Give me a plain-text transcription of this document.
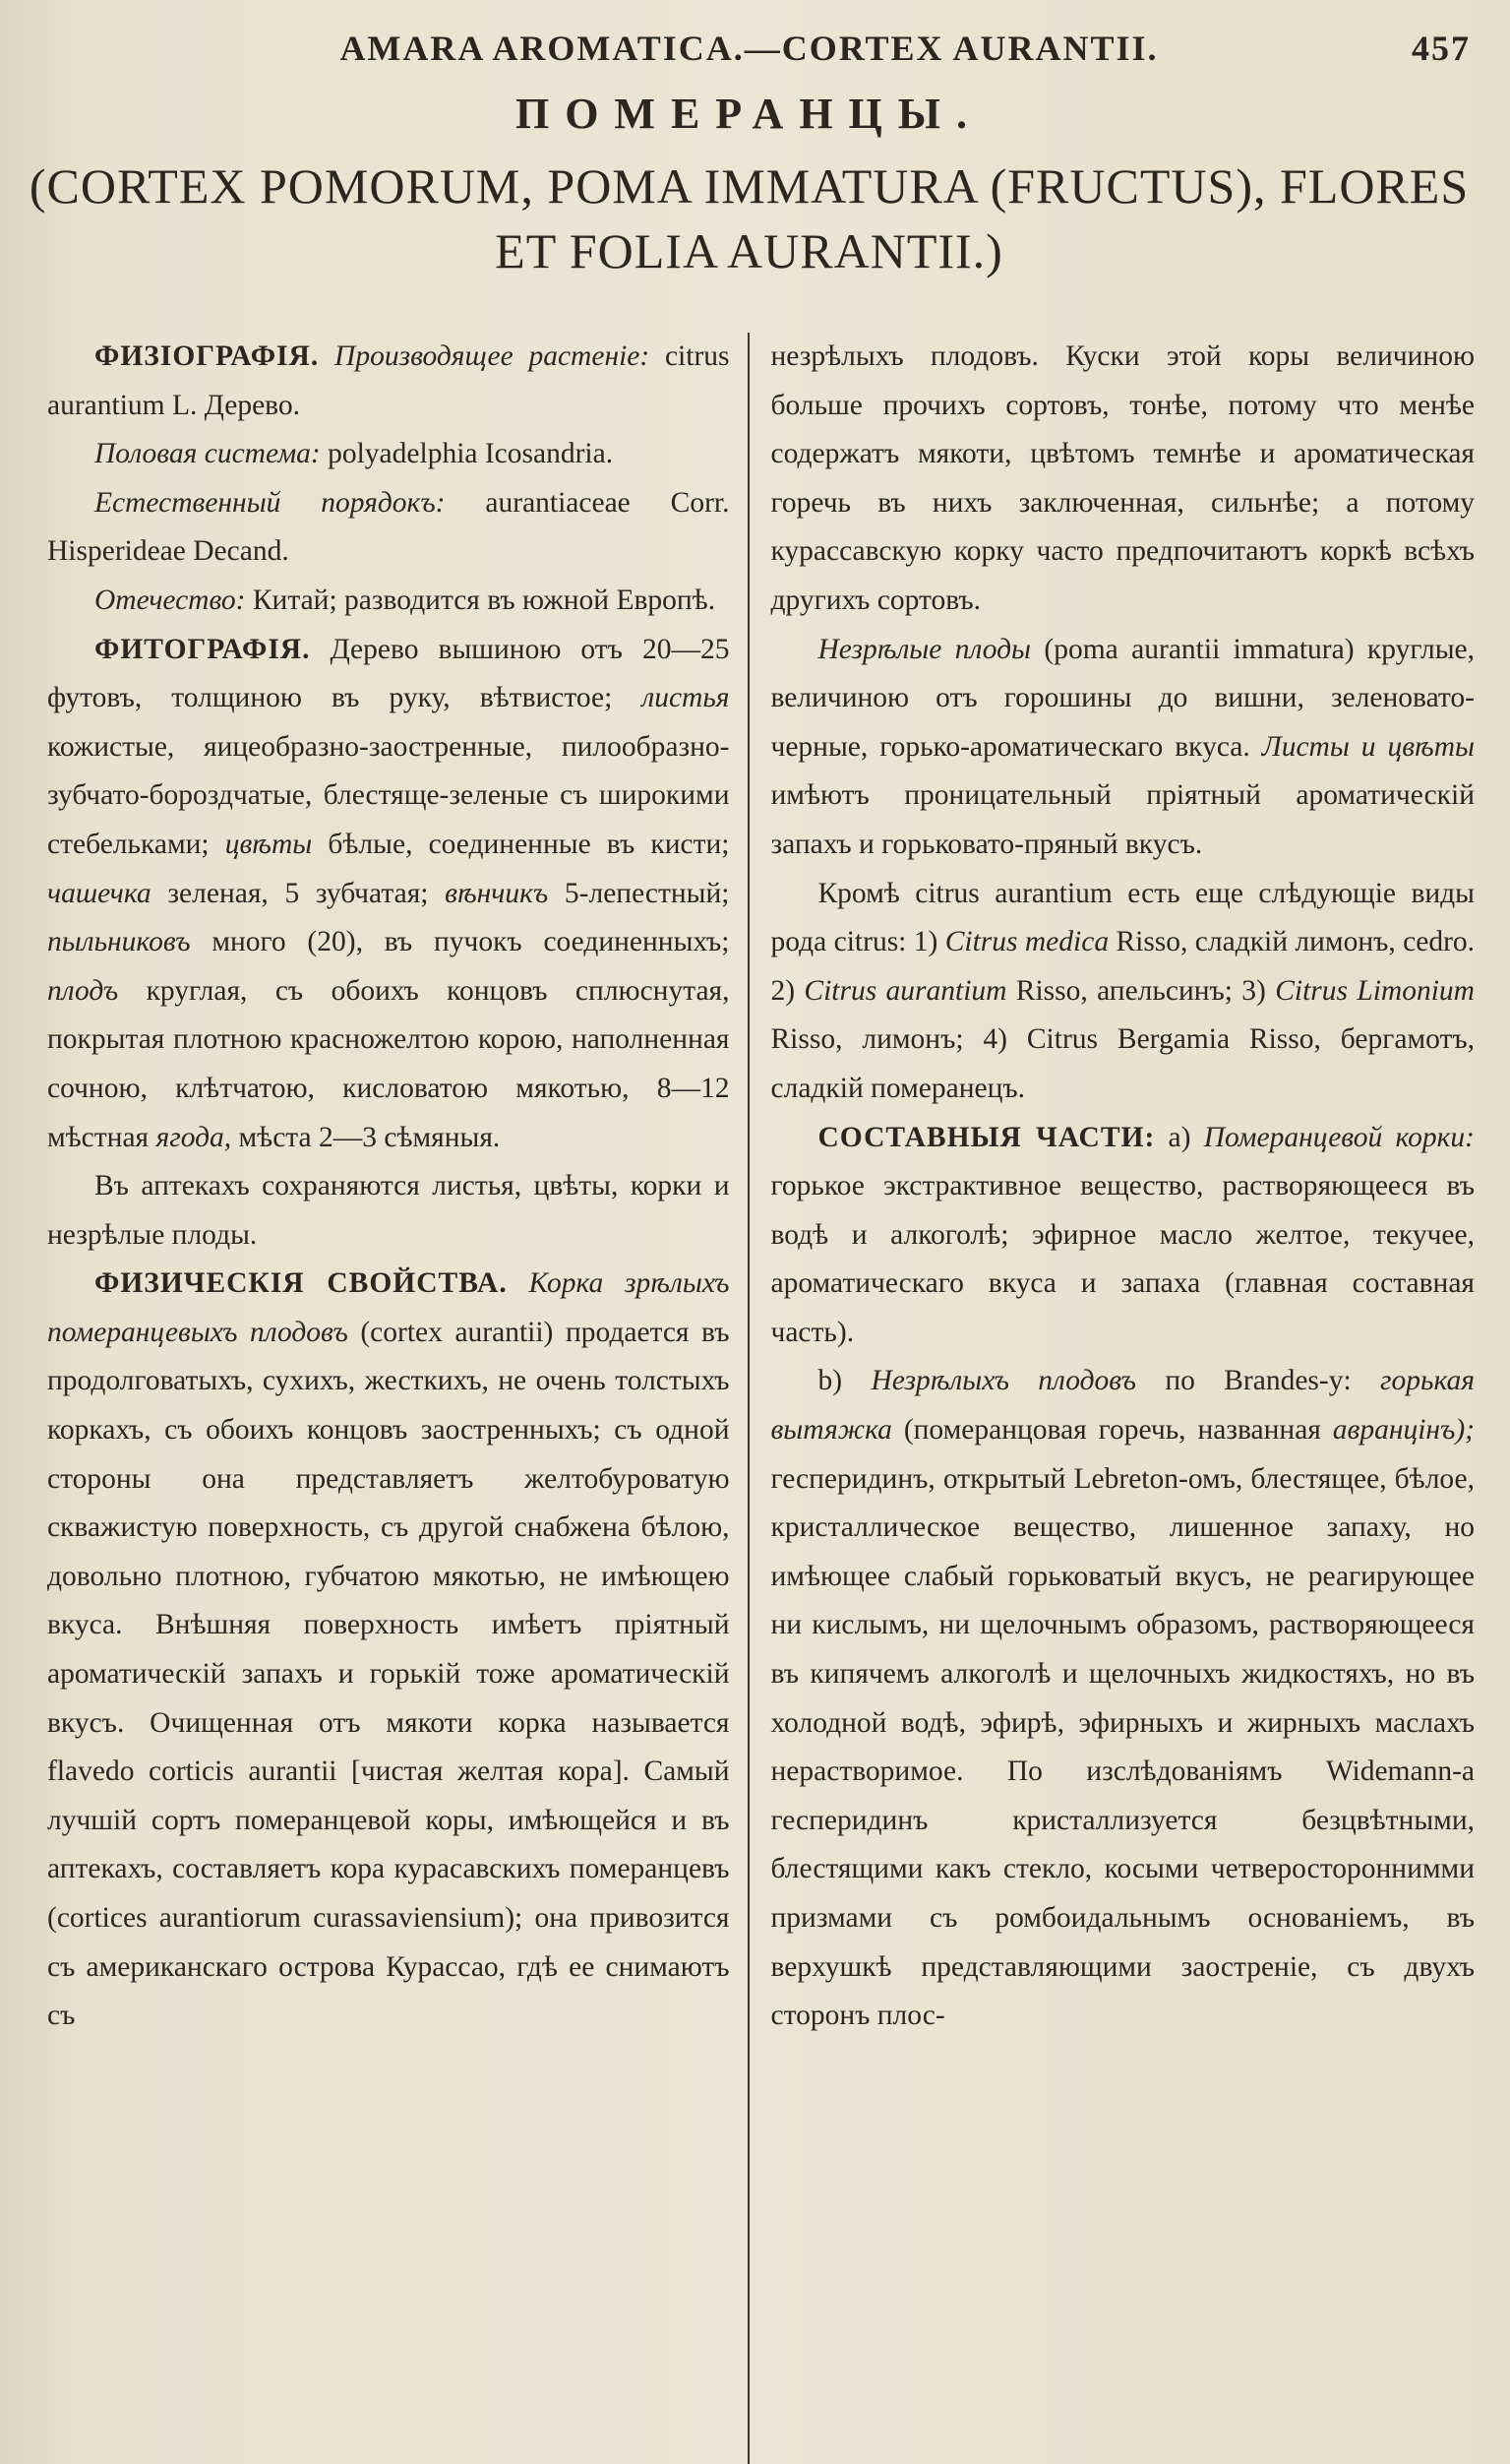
AMARA AROMATICA.—CORTEX AURANTII.	457
ПОМЕРАНЦЫ.
(CORTEX POMORUM, POMA IMMATURA (FRUCTUS), FLORES ET FOLIA AURANTII.)

ФИЗІОГРАФІЯ. Производящее растеніе: citrus aurantium L. Дерево.

Половая система: polyadelphia Icosandria.

Естественный порядокъ: aurantiaceae Corr. Hisperideae Decand.

Отечество: Китай; разводится въ южной Европѣ.

ФИТОГРАФІЯ. Дерево вышиною отъ 20—25 футовъ, толщиною въ руку, вѣтвистое; листья кожистые, яицеобразно-заостренные, пилообразно-зубчато-бороздчатые, блестяще-зеленые съ широкими стебельками; цвѣты бѣлые, соединенные въ кисти; чашечка зеленая, 5 зубчатая; вѣнчикъ 5-лепестный; пыльниковъ много (20), въ пучокъ соединенныхъ; плодъ круглая, съ обоихъ концовъ сплюснутая, покрытая плотною красножелтою корою, наполненная сочною, клѣтчатою, кисловатою мякотью, 8—12 мѣстная ягода, мѣста 2—3 сѣмяныя.

Въ аптекахъ сохраняются листья, цвѣты, корки и незрѣлые плоды.

ФИЗИЧЕСКІЯ СВОЙСТВА. Корка зрѣлыхъ померанцевыхъ плодовъ (cortex aurantii) продается въ продолговатыхъ, сухихъ, жесткихъ, не очень толстыхъ коркахъ, съ обоихъ концовъ заостренныхъ; съ одной стороны она представляетъ желтобуроватую скважистую поверхность, съ другой снабжена бѣлою, довольно плотною, губчатою мякотью, не имѣющею вкуса. Внѣшняя поверхность имѣетъ пріятный ароматическій запахъ и горькій тоже ароматическій вкусъ. Очищенная отъ мякоти корка называется flavedo corticis aurantii [чистая желтая кора]. Самый лучшій сортъ померанцевой коры, имѣющейся и въ аптекахъ, составляетъ кора курасавскихъ померанцевъ (cortices aurantiorum curassaviensium); она привозится съ американскаго острова Курассао, гдѣ ее снимаютъ съ

незрѣлыхъ плодовъ. Куски этой коры величиною больше прочихъ сортовъ, тонѣе, потому что менѣе содержатъ мякоти, цвѣтомъ темнѣе и ароматическая горечь въ нихъ заключенная, сильнѣе; а потому курассавскую корку часто предпочитаютъ коркѣ всѣхъ другихъ сортовъ.

Незрѣлые плоды (poma aurantii immatura) круглые, величиною отъ горошины до вишни, зеленовато-черные, горько-ароматическаго вкуса. Листы и цвѣты имѣютъ проницательный пріятный ароматическій запахъ и горьковато-пряный вкусъ.

Кромѣ citrus aurantium есть еще слѣдующіе виды рода citrus: 1) Citrus medica Risso, сладкій лимонъ, cedro. 2) Citrus aurantium Risso, апельсинъ; 3) Citrus Limonium Risso, лимонъ; 4) Citrus Bergamia Risso, бергамотъ, сладкій померанецъ.

СОСТАВНЫЯ ЧАСТИ: a) Померанцевой корки: горькое экстрактивное вещество, растворяющееся въ водѣ и алкоголѣ; эфирное масло желтое, текучее, ароматическаго вкуса и запаха (главная составная часть).

b) Незрѣлыхъ плодовъ по Brandes-y: горькая вытяжка (померанцовая горечь, названная авранцінъ); гесперидинъ, открытый Lebreton-омъ, блестящее, бѣлое, кристаллическое вещество, лишенное запаху, но имѣющее слабый горьковатый вкусъ, не реагирующее ни кислымъ, ни щелочнымъ образомъ, растворяющееся въ кипячемъ алкоголѣ и щелочныхъ жидкостяхъ, но въ холодной водѣ, эфирѣ, эфирныхъ и жирныхъ маслахъ нерастворимое. По изслѣдованіямъ Widemann-а гесперидинъ кристаллизуется безцвѣтными, блестящими какъ стекло, косыми четверостороннимми призмами съ ромбоидальнымъ основаніемъ, въ верхушкѣ представляющими заостреніе, съ двухъ сторонъ плос-
